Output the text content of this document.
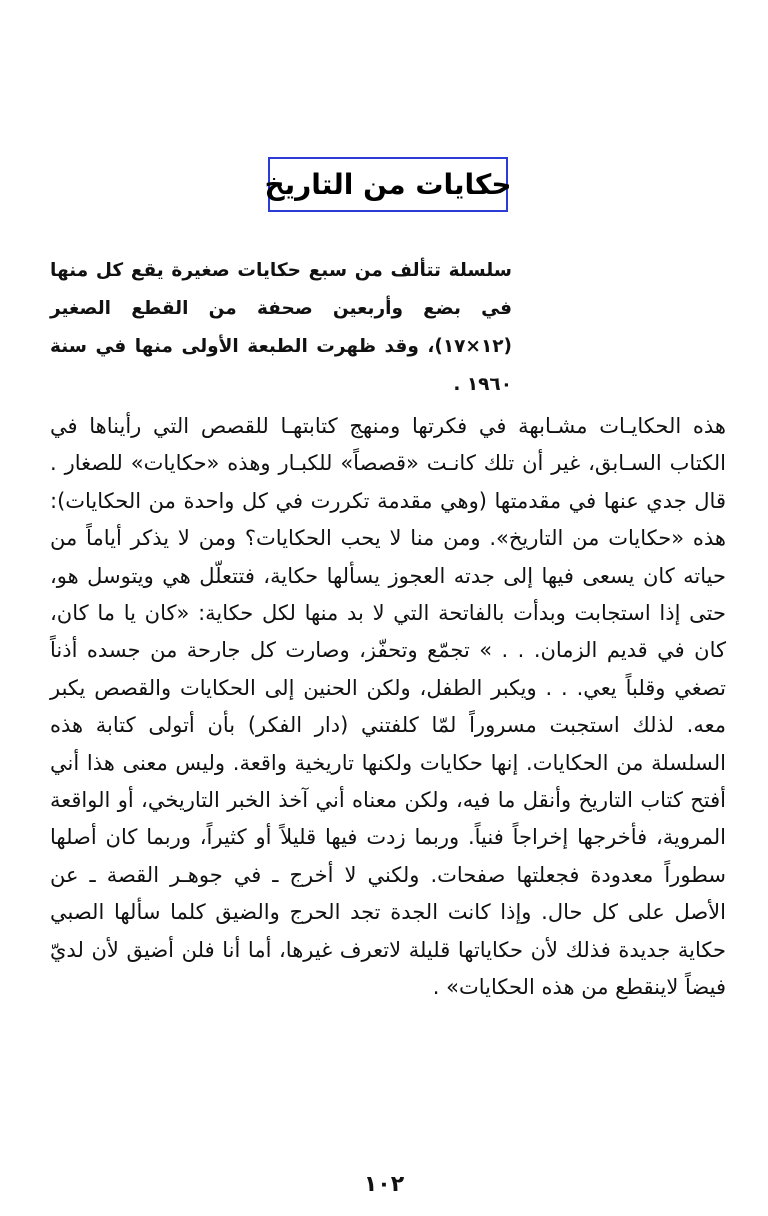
حكايات من التاريخ

سلسلة تتألف من سبع حكايات صغيرة يقع كل منها في بضع وأربعين صحفة من القطع الصغير (١٢×١٧)، وقد ظهرت الطبعة الأولى منها في سنة ١٩٦٠ .

هذه الحكايـات مشـابهة في فكرتها ومنهج كتابتهـا للقصص التي رأيناها في الكتاب السـابق، غير أن تلك كانـت «قصصاً» للكبـار وهذه «حكايات» للصغار . قال جدي عنها في مقدمتها (وهي مقدمة تكررت في كل واحدة من الحكايات): هذه «حكايات من التاريخ». ومن منا لا يحب الحكايات؟ ومن لا يذكر أياماً من حياته كان يسعى فيها إلى جدته العجوز يسألها حكاية، فتتعلّل هي ويتوسل هو، حتى إذا استجابت وبدأت بالفاتحة التي لا بد منها لكل حكاية: «كان يا ما كان، كان في قديم الزمان. . . » تجمّع وتحفّز، وصارت كل جارحة من جسده أذناً تصغي وقلباً يعي. . . ويكبر الطفل، ولكن الحنين إلى الحكايات والقصص يكبر معه. لذلك استجبت مسروراً لمّا كلفتني (دار الفكر) بأن أتولى كتابة هذه السلسلة من الحكايات. إنها حكايات ولكنها تاريخية واقعة. وليس معنى هذا أني أفتح كتاب التاريخ وأنقل ما فيه، ولكن معناه أني آخذ الخبر التاريخي، أو الواقعة المروية، فأخرجها إخراجاً فنياً. وربما زدت فيها قليلاً أو كثيراً، وربما كان أصلها سطوراً معدودة فجعلتها صفحات. ولكني لا أخرج ـ في جوهـر القصة ـ عن الأصل على كل حال. وإذا كانت الجدة تجد الحرج والضيق كلما سألها الصبي حكاية جديدة فذلك لأن حكاياتها قليلة لاتعرف غيرها، أما أنا فلن أضيق لأن لديّ فيضاً لاينقطع من هذه الحكايات» .

١٠٢
